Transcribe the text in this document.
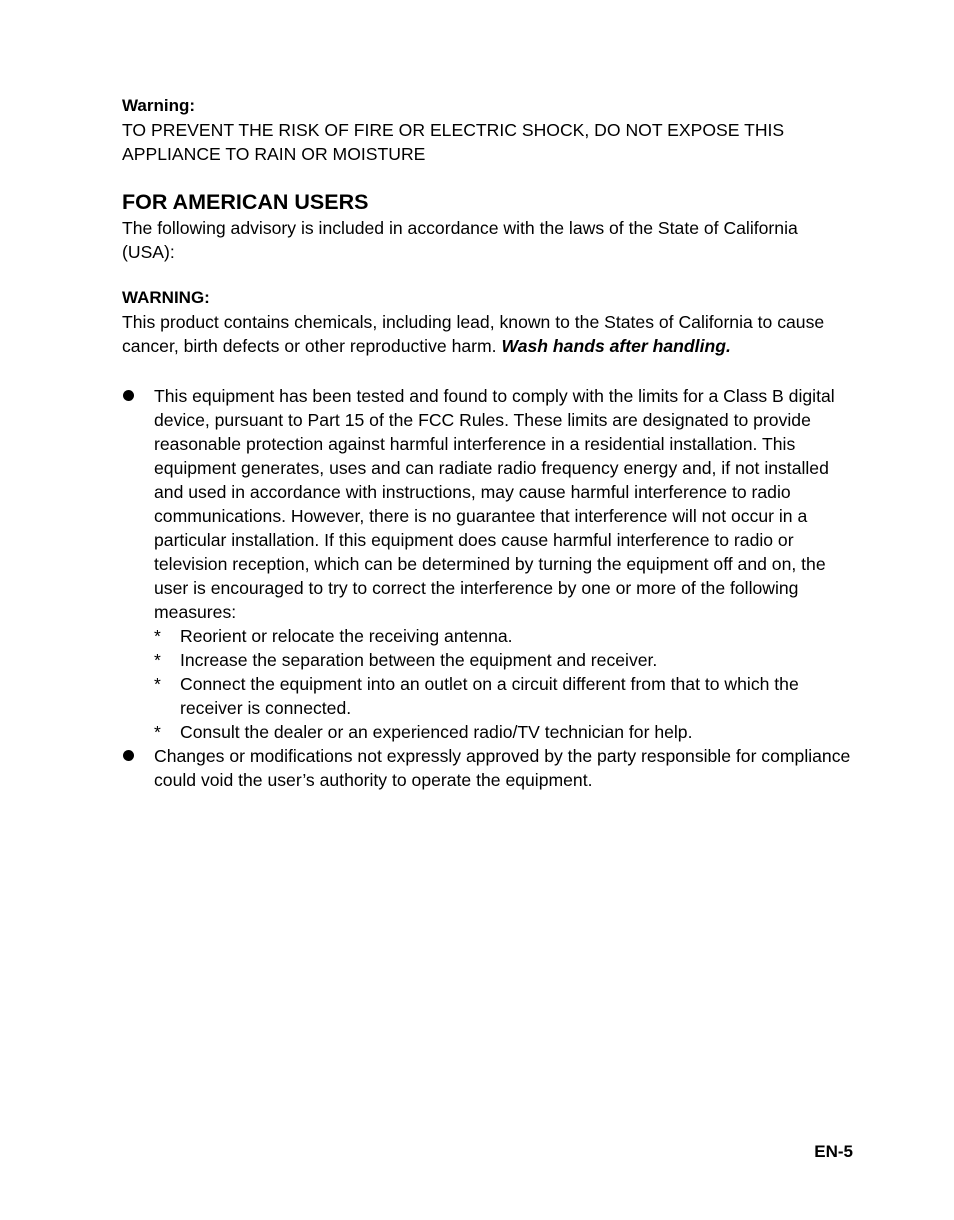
Warning:

TO PREVENT THE RISK OF FIRE OR ELECTRIC SHOCK, DO NOT EXPOSE THIS APPLIANCE TO RAIN OR MOISTURE

FOR AMERICAN USERS

The following advisory is included in accordance with the laws of the State of California (USA):

WARNING:

This product contains chemicals, including lead, known to the States of California to cause cancer, birth defects or other reproductive harm. Wash hands after handling.

This equipment has been tested and found to comply with the limits for a Class B digital device, pursuant to Part 15 of the FCC Rules. These limits are designated to provide reasonable protection against harmful interference in a residential installation. This equipment generates, uses and can radiate radio frequency energy and, if not installed and used in accordance with instructions, may cause harmful interference to radio communications. However, there is no guarantee that interference will not occur in a particular installation. If this equipment does cause harmful interference to radio or television reception, which can be determined by turning the equipment off and on, the user is encouraged to try to correct the interference by one or more of the following measures:
* Reorient or relocate the receiving antenna.
* Increase the separation between the equipment and receiver.
* Connect the equipment into an outlet on a circuit different from that to which the receiver is connected.
* Consult the dealer or an experienced radio/TV technician for help.
Changes or modifications not expressly approved by the party responsible for compliance could void the user’s authority to operate the equipment.
EN-5
